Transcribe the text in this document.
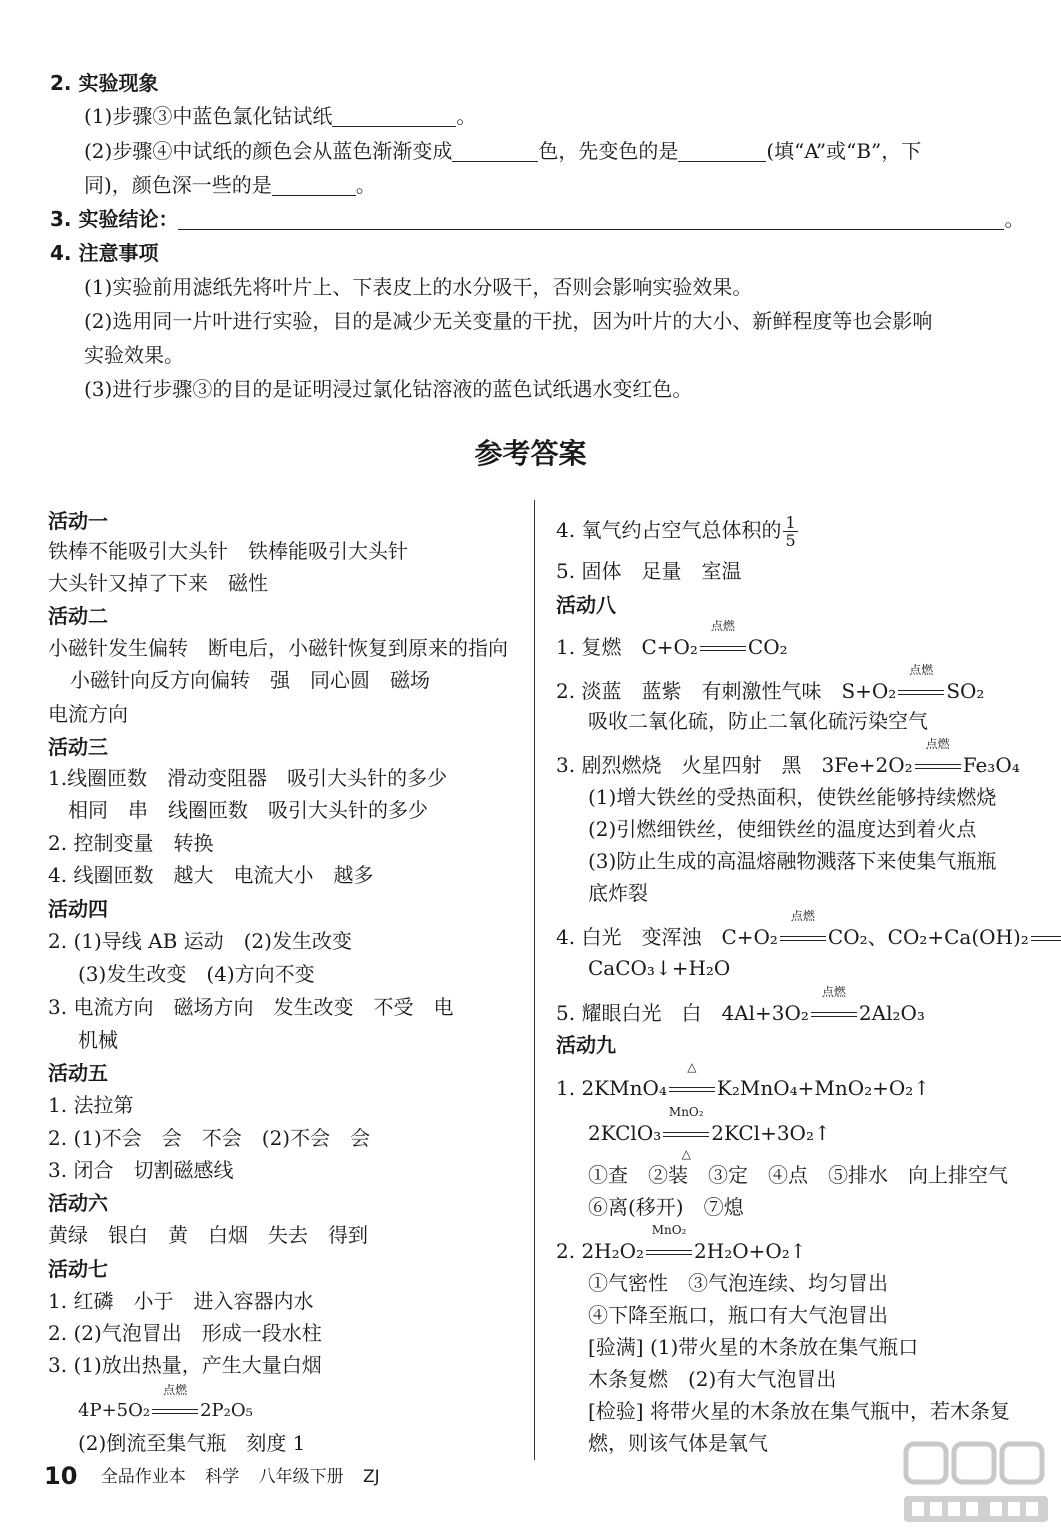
2. 实验现象
(1)步骤③中蓝色氯化钴试纸	。
(2)步骤④中试纸的颜色会从蓝色渐渐变成	色，先变色的是	(填“A”或“B”，下
同)，颜色深一些的是	。
3. 实验结论：	。
4. 注意事项
(1)实验前用滤纸先将叶片上、下表皮上的水分吸干，否则会影响实验效果。
(2)选用同一片叶进行实验，目的是减少无关变量的干扰，因为叶片的大小、新鲜程度等也会影响
实验效果。
(3)进行步骤③的目的是证明浸过氯化钴溶液的蓝色试纸遇水变红色。
参考答案
活动一
铁棒不能吸引大头针　铁棒能吸引大头针
大头针又掉了下来　磁性
活动二
小磁针发生偏转　断电后，小磁针恢复到原来的指向
小磁针向反方向偏转　强　同心圆　磁场
电流方向
活动三
1.线圈匝数　滑动变阻器　吸引大头针的多少
相同　串　线圈匝数　吸引大头针的多少
2. 控制变量　转换
4. 线圈匝数　越大　电流大小　越多
活动四
2. (1)导线 AB 运动　(2)发生改变
(3)发生改变　(4)方向不变
3. 电流方向　磁场方向　发生改变　不受　电
机械
活动五
1. 法拉第
2. (1)不会　会　不会　(2)不会　会
3. 闭合　切割磁感线
活动六
黄绿　银白　黄　白烟　失去　得到
活动七
1. 红磷　小于　进入容器内水
2. (2)气泡冒出　形成一段水柱
3. (1)放出热量，产生大量白烟
4P+5O₂
点燃
2P₂O₅
(2)倒流至集气瓶　刻度 1
4. 氧气约占空气总体积的 $\frac{1}{5}$
5. 固体　足量　室温
活动八
1. 复燃　C+O₂
点燃
CO₂
2. 淡蓝　蓝紫　有刺激性气味　S+O₂
点燃
SO₂
吸收二氧化硫，防止二氧化硫污染空气
3. 剧烈燃烧　火星四射　黑　3Fe+2O₂
点燃
Fe₃O₄
(1)增大铁丝的受热面积，使铁丝能够持续燃烧
(2)引燃细铁丝，使细铁丝的温度达到着火点
(3)防止生成的高温熔融物溅落下来使集气瓶瓶
底炸裂
4. 白光　变浑浊　C+O₂
点燃
CO₂、CO₂+Ca(OH)₂
CaCO₃↓+H₂O
5. 耀眼白光　白　4Al+3O₂
点燃
2Al₂O₃
活动九
1. 2KMnO₄
△
K₂MnO₄+MnO₂+O₂↑
2KClO₃
MnO₂
△
2KCl+3O₂↑
①查　②装　③定　④点　⑤排水　向上排空气
⑥离(移开)　⑦熄
2. 2H₂O₂
MnO₂
2H₂O+O₂↑
①气密性　③气泡连续、均匀冒出
④下降至瓶口，瓶口有大气泡冒出
[验满] (1)带火星的木条放在集气瓶口
木条复燃　(2)有大气泡冒出
[检验] 将带火星的木条放在集气瓶中，若木条复
燃，则该气体是氧气
10 全品作业本 科学 八年级下册 ZJ
